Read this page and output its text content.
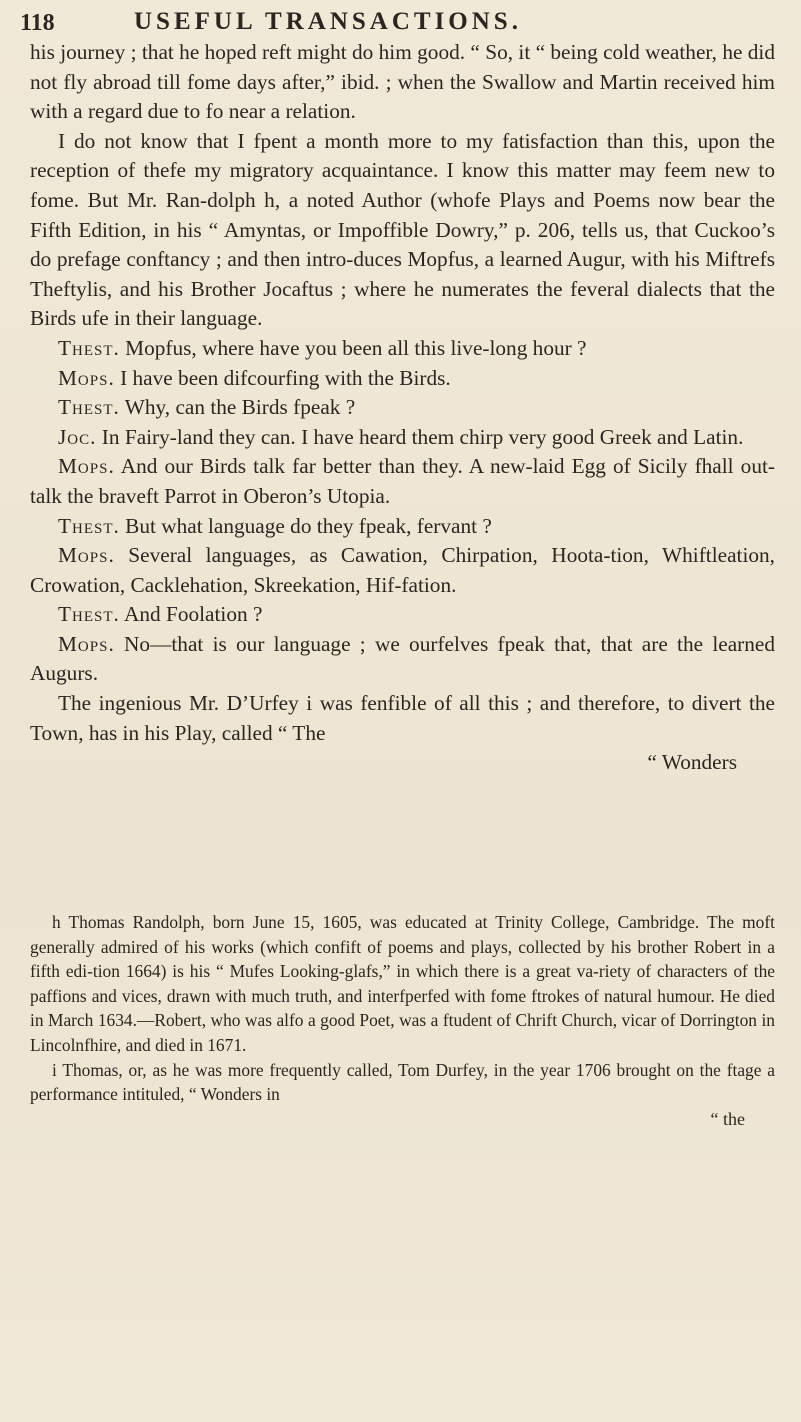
118	USEFUL TRANSACTIONS.

his journey ; that he hoped reft might do him good. “ So, it “ being cold weather, he did not fly abroad till fome days after,” ibid. ; when the Swallow and Martin received him with a regard due to fo near a relation.

I do not know that I fpent a month more to my fatisfaction than this, upon the reception of thefe my migratory acquaintance. I know this matter may feem new to fome. But Mr. Ran-dolph h, a noted Author (whofe Plays and Poems now bear the Fifth Edition, in his “ Amyntas, or Impoffible Dowry,” p. 206, tells us, that Cuckoo’s do prefage conftancy ; and then intro-duces Mopfus, a learned Augur, with his Miftrefs Theftylis, and his Brother Jocaftus ; where he numerates the feveral dialects that the Birds ufe in their language.

Thest. Mopfus, where have you been all this live-long hour ?

Mops. I have been difcourfing with the Birds.

Thest. Why, can the Birds fpeak ?

Joc. In Fairy-land they can. I have heard them chirp very good Greek and Latin.

Mops. And our Birds talk far better than they. A new-laid Egg of Sicily fhall out-talk the braveft Parrot in Oberon’s Utopia.

Thest. But what language do they fpeak, fervant ?

Mops. Several languages, as Cawation, Chirpation, Hoota-tion, Whiftleation, Crowation, Cacklehation, Skreekation, Hif-fation.

Thest. And Foolation ?

Mops. No—that is our language ; we ourfelves fpeak that, that are the learned Augurs.

The ingenious Mr. D’Urfey i was fenfible of all this ; and therefore, to divert the Town, has in his Play, called “ The

“ Wonders

h Thomas Randolph, born June 15, 1605, was educated at Trinity College, Cambridge. The moft generally admired of his works (which confift of poems and plays, collected by his brother Robert in a fifth edi-tion 1664) is his “ Mufes Looking-glafs,” in which there is a great va-riety of characters of the paffions and vices, drawn with much truth, and interfperfed with fome ftrokes of natural humour. He died in March 1634.—Robert, who was alfo a good Poet, was a ftudent of Chrift Church, vicar of Dorrington in Lincolnfhire, and died in 1671.

i Thomas, or, as he was more frequently called, Tom Durfey, in the year 1706 brought on the ftage a performance intituled, “ Wonders in

“ the
